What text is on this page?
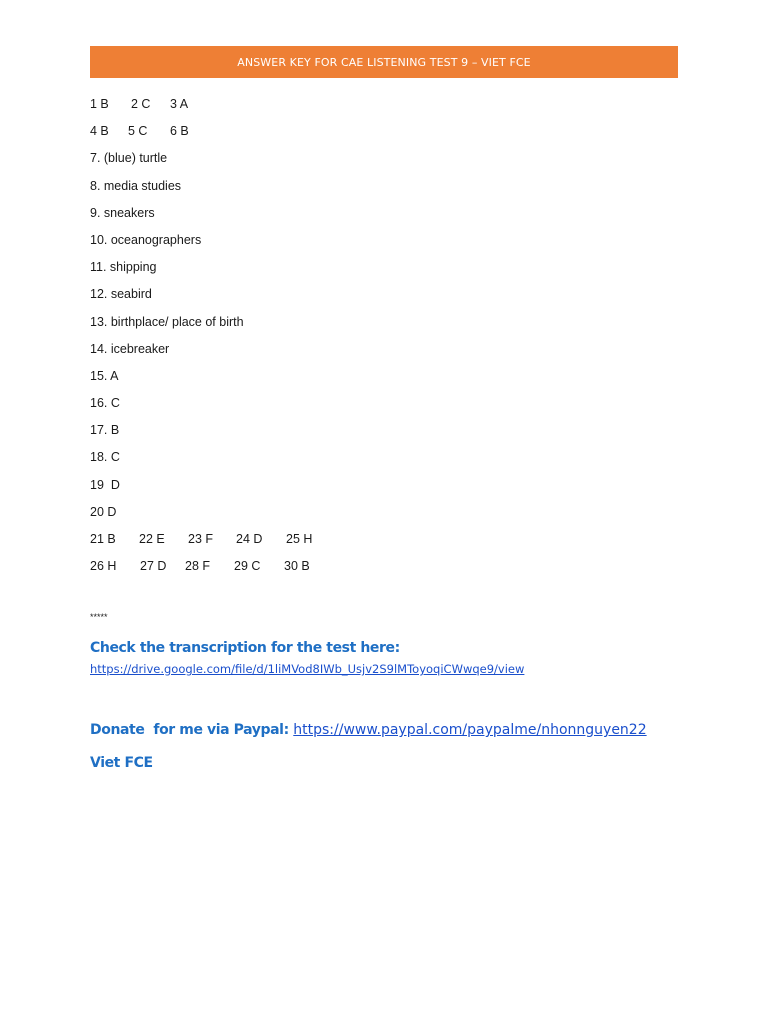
ANSWER KEY FOR CAE LISTENING TEST 9 – VIET FCE
1 B 2 C 3 A
4 B 5 C 6 B
7. (blue) turtle
8. media studies
9. sneakers
10. oceanographers
11. shipping
12. seabird
13. birthplace/ place of birth
14. icebreaker
15. A
16. C
17. B
18. C
19  D
20 D
21 B 22 E 23 F 24 D 25 H
26 H 27 D 28 F 29 C 30 B
*****
Check the transcription for the test here:
https://drive.google.com/file/d/1liMVod8IWb_Usjv2S9lMToyoqiCWwqe9/view
Donate  for me via Paypal: https://www.paypal.com/paypalme/nhonnguyen22
Viet FCE
